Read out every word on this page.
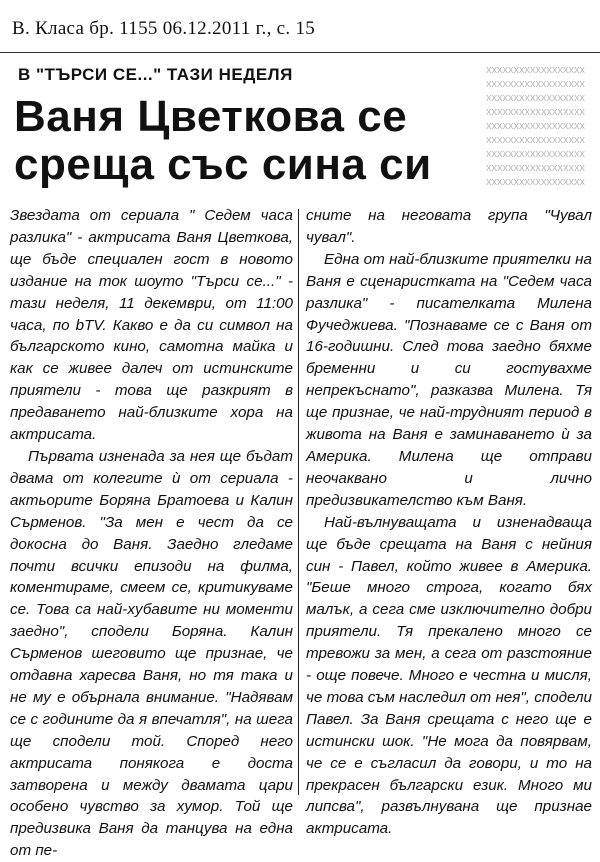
В. Класа бр. 1155 06.12.2011 г., с. 15
xxxxxxxxxxxxxxxxxx
xxxxxxxxxxxxxxxxxx
xxxxxxxxxxxxxxxxxx
xxxxxxxxxxxxxxxxxx
xxxxxxxxxxxxxxxxxx
xxxxxxxxxxxxxxxxxx
xxxxxxxxxxxxxxxxxx
xxxxxxxxxxxxxxxxxx
xxxxxxxxxxxxxxxxxx
В "ТЪРСИ СЕ..." ТАЗИ НЕДЕЛЯ
Ваня Цветкова се
среща със сина си

Звездата от сериала " Седем часа разлика" - актрисата Ваня Цветкова, ще бъде специален гост в новото издание на ток шоуто "Търси се..." - тази неделя, 11 декември, от 11:00 часа, по bTV. Какво е да си символ на българското кино, самотна майка и как се живее далеч от истинските приятели - това ще разкрият в предаването най-близките хора на актрисата.

Първата изненада за нея ще бъдат двама от колегите ѝ от сериала - актьорите Боряна Братоева и Калин Сърменов. "За мен е чест да се докосна до Ваня. Заедно гледаме почти всички епизоди на филма, коментираме, смеем се, критикуваме се. Това са най-хубавите ни моменти заедно", сподели Боряна. Калин Сърменов шеговито ще признае, че отдавна харесва Ваня, но тя така и не му е обърнала внимание. "Надявам се с годините да я впечатля", на шега ще сподели той. Според него актрисата понякога е доста затворена и между двамата цари особено чувство за хумор. Той ще предизвика Ваня да танцува на една от пе-

сните на неговата група "Чувал чувал".

Една от най-близките приятелки на Ваня е сценаристката на "Седем часа разлика" - писателката Милена Фучеджиева. "Познаваме се с Ваня от 16-годишни. След това заедно бяхме бременни и си гостувахме непрекъснато", разказва Милена. Тя ще признае, че най-трудният период в живота на Ваня е заминаването ѝ за Америка. Милена ще отправи неочаквано и лично предизвикателство към Ваня.

Най-вълнуващата и изненадваща ще бъде срещата на Ваня с нейния син - Павел, който живее в Америка. "Беше много строга, когато бях малък, а сега сме изключително добри приятели. Тя прекалено много се тревожи за мен, а сега от разстояние - още повече. Много е честна и мисля, че това съм наследил от нея", сподели Павел. За Ваня срещата с него ще е истински шок. "Не мога да повярвам, че се е съгласил да говори, и то на прекрасен български език. Много ми липсва", развълнувана ще признае актрисата.
